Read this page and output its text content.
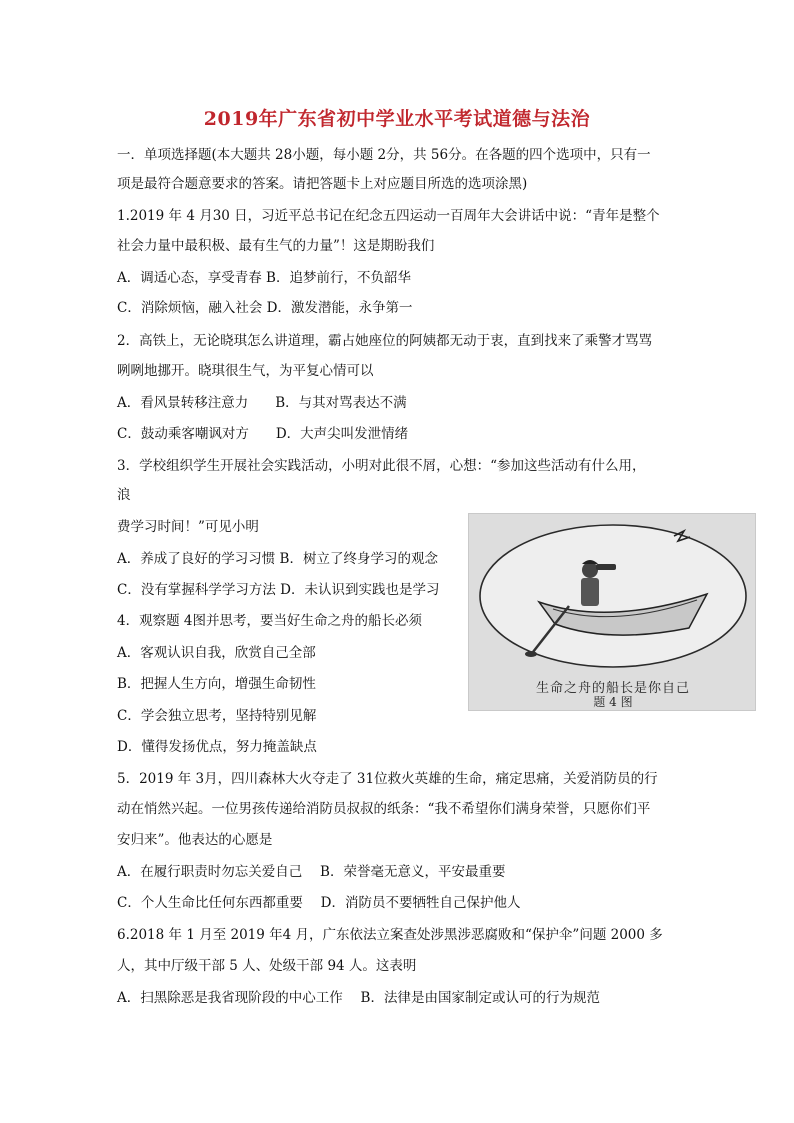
2019年广东省初中学业水平考试道德与法治
一．单项选择题(本大题共 28小题，每小题 2分，共 56分。在各题的四个选项中，只有一
项是最符合题意要求的答案。请把答题卡上对应题目所选的选项涂黑)
1.2019 年 4 月30 日，习近平总书记在纪念五四运动一百周年大会讲话中说：“青年是整个
社会力量中最积极、最有生气的力量”！这是期盼我们
A．调适心态，享受青春 B．追梦前行，不负韶华
C．消除烦恼，融入社会 D．激发潜能，永争第一
2．高铁上，无论晓琪怎么讲道理，霸占她座位的阿姨都无动于衷，直到找来了乘警才骂骂
咧咧地挪开。晓琪很生气，为平复心情可以
A．看风景转移注意力　　B．与其对骂表达不满
C．鼓动乘客嘲讽对方　　D．大声尖叫发泄情绪
3．学校组织学生开展社会实践活动，小明对此很不屑，心想：“参加这些活动有什么用，
浪
费学习时间！”可见小明
A．养成了良好的学习习惯 B．树立了终身学习的观念
C．没有掌握科学学习方法 D．未认识到实践也是学习
4．观察题 4图并思考，要当好生命之舟的船长必须
A．客观认识自我，欣赏自己全部
B．把握人生方向，增强生命韧性
C．学会独立思考，坚持特别见解
D．懂得发扬优点，努力掩盖缺点
生命之舟的船长是你自己
题 4 图
5．2019 年 3月，四川森林大火夺走了 31位救火英雄的生命，痛定思痛，关爱消防员的行
动在悄然兴起。一位男孩传递给消防员叔叔的纸条：“我不希望你们满身荣誉，只愿你们平
安归来”。他表达的心愿是
A．在履行职责时勿忘关爱自己　 B．荣誉毫无意义，平安最重要
C．个人生命比任何东西都重要　 D．消防员不要牺牲自己保护他人
6.2018 年 1 月至 2019 年4 月，广东依法立案查处涉黑涉恶腐败和“保护伞”问题 2000 多
人，其中厅级干部 5 人、处级干部 94 人。这表明
A．扫黑除恶是我省现阶段的中心工作　 B．法律是由国家制定或认可的行为规范
